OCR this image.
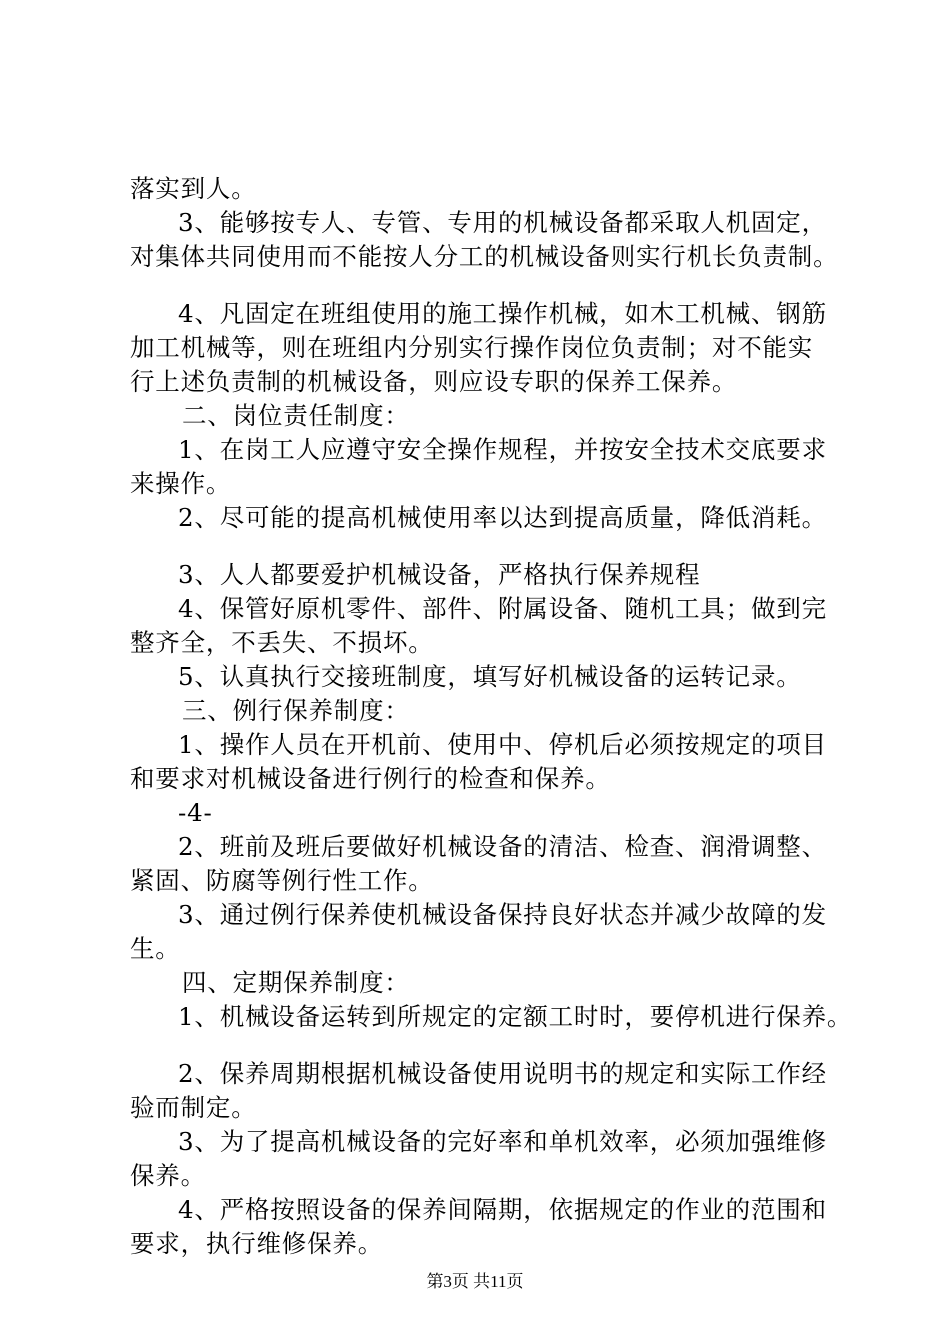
落实到人。
3、能够按专人、专管、专用的机械设备都采取人机固定，
对集体共同使用而不能按人分工的机械设备则实行机长负责制。
4、凡固定在班组使用的施工操作机械，如木工机械、钢筋
加工机械等，则在班组内分别实行操作岗位负责制；对不能实
行上述负责制的机械设备，则应设专职的保养工保养。
二、岗位责任制度：
1、在岗工人应遵守安全操作规程，并按安全技术交底要求
来操作。
2、尽可能的提高机械使用率以达到提高质量，降低消耗。
3、人人都要爱护机械设备，严格执行保养规程
4、保管好原机零件、部件、附属设备、随机工具；做到完
整齐全，不丢失、不损坏。
5、认真执行交接班制度，填写好机械设备的运转记录。
三、例行保养制度：
1、操作人员在开机前、使用中、停机后必须按规定的项目
和要求对机械设备进行例行的检查和保养。
-4-
2、班前及班后要做好机械设备的清洁、检查、润滑调整、
紧固、防腐等例行性工作。
3、通过例行保养使机械设备保持良好状态并减少故障的发
生。
四、定期保养制度：
1、机械设备运转到所规定的定额工时时，要停机进行保养。
2、保养周期根据机械设备使用说明书的规定和实际工作经
验而制定。
3、为了提高机械设备的完好率和单机效率，必须加强维修
保养。
4、严格按照设备的保养间隔期，依据规定的作业的范围和
要求，执行维修保养。
第3页 共11页
